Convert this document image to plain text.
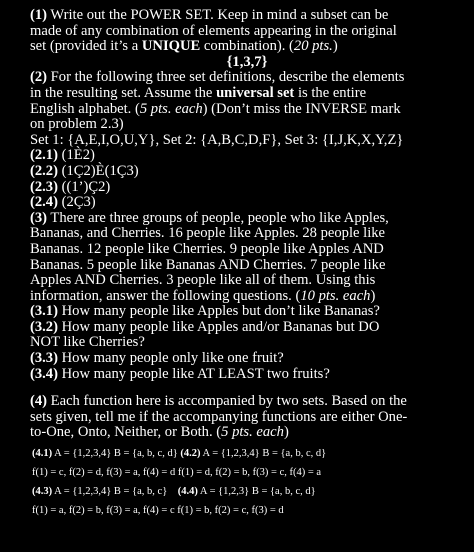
(1) Write out the POWER SET. Keep in mind a subset can be
made of any combination of elements appearing in the original
set (provided it’s a UNIQUE combination). (20 pts.)
{1,3,7}
(2) For the following three set definitions, describe the elements
in the resulting set. Assume the universal set is the entire
English alphabet. (5 pts. each) (Don’t miss the INVERSE mark
on problem 2.3)
Set 1: {A,E,I,O,U,Y}, Set 2: {A,B,C,D,F}, Set 3: {I,J,K,X,Y,Z}
(2.1) (1È2)
(2.2) (1Ç2)È(1Ç3)
(2.3) ((1’)Ç2)
(2.4) (2Ç3)
(3) There are three groups of people, people who like Apples,
Bananas, and Cherries. 16 people like Apples. 28 people like
Bananas. 12 people like Cherries. 9 people like Apples AND
Bananas. 5 people like Bananas AND Cherries. 7 people like
Apples AND Cherries. 3 people like all of them. Using this
information, answer the following questions. (10 pts. each)
(3.1) How many people like Apples but don’t like Bananas?
(3.2) How many people like Apples and/or Bananas but DO
NOT like Cherries?
(3.3) How many people only like one fruit?
(3.4) How many people like AT LEAST two fruits?
(4) Each function here is accompanied by two sets. Based on the
sets given, tell me if the accompanying functions are either One-
to-One, Onto, Neither, or Both. (5 pts. each)
(4.1) A = {1,2,3,4} B = {a, b, c, d} (4.2) A = {1,2,3,4} B = {a, b, c, d}
f(1) = c, f(2) = d, f(3) = a, f(4) = d f(1) = d, f(2) = b, f(3) = c, f(4) = a
(4.3) A = {1,2,3,4} B = {a, b, c}    (4.4) A = {1,2,3} B = {a, b, c, d}
f(1) = a, f(2) = b, f(3) = a, f(4) = c f(1) = b, f(2) = c, f(3) = d
